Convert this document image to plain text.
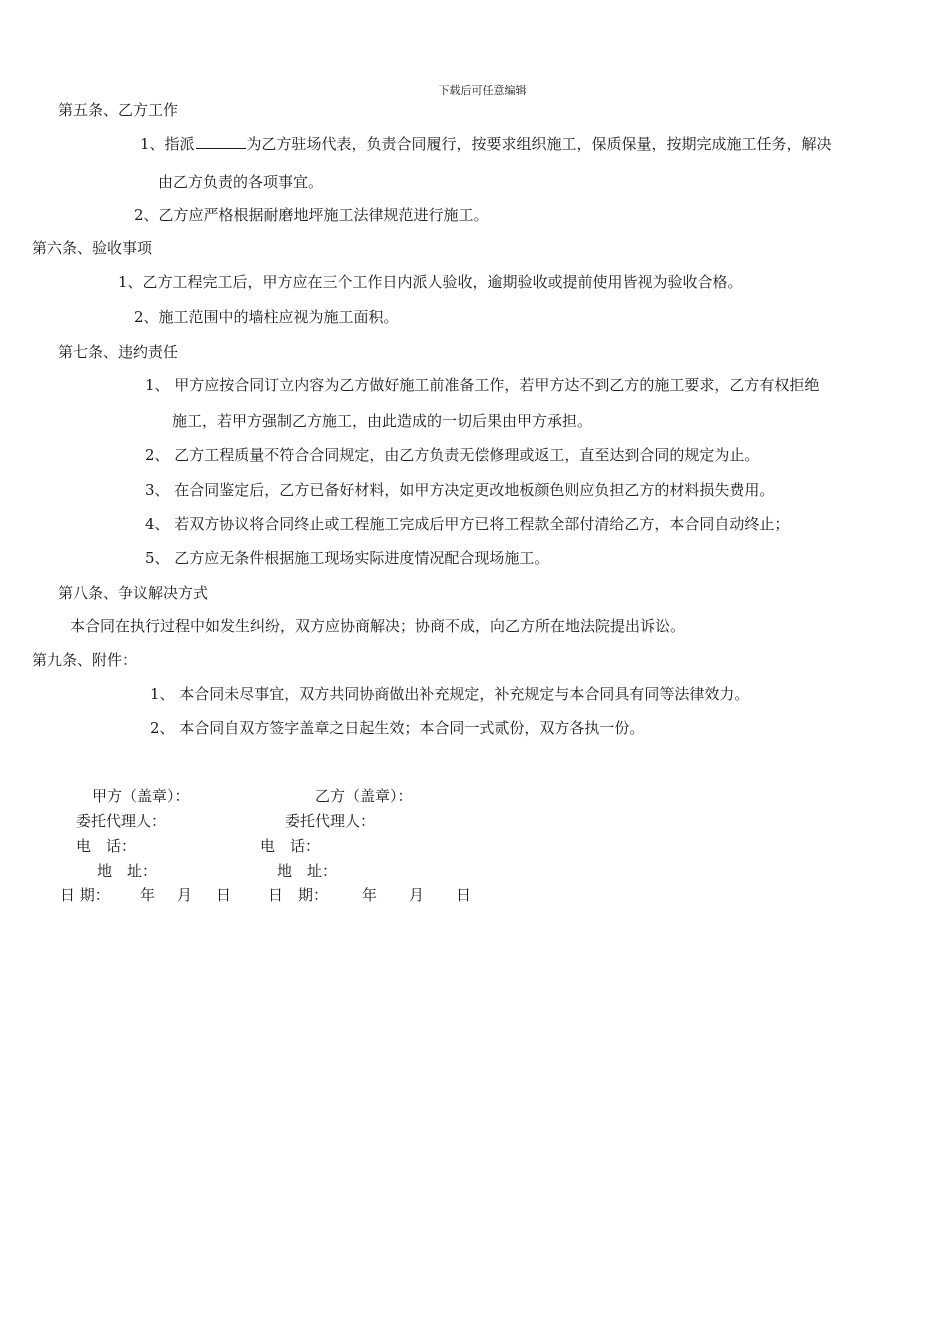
下载后可任意编辑
第五条、乙方工作
1、指派	为乙方驻场代表，负责合同履行，按要求组织施工，保质保量，按期完成施工任务，解决
由乙方负责的各项事宜。
2、乙方应严格根据耐磨地坪施工法律规范进行施工。
第六条、验收事项
1、乙方工程完工后，甲方应在三个工作日内派人验收，逾期验收或提前使用皆视为验收合格。
2、施工范围中的墙柱应视为施工面积。
第七条、违约责任
1、 甲方应按合同订立内容为乙方做好施工前准备工作，若甲方达不到乙方的施工要求，乙方有权拒绝
施工，若甲方强制乙方施工，由此造成的一切后果由甲方承担。
2、 乙方工程质量不符合合同规定，由乙方负责无偿修理或返工，直至达到合同的规定为止。
3、 在合同鉴定后，乙方已备好材料，如甲方决定更改地板颜色则应负担乙方的材料损失费用。
4、 若双方协议将合同终止或工程施工完成后甲方已将工程款全部付清给乙方，本合同自动终止；
5、 乙方应无条件根据施工现场实际进度情况配合现场施工。
第八条、争议解决方式
本合同在执行过程中如发生纠纷，双方应协商解决；协商不成，向乙方所在地法院提出诉讼。
第九条、附件：
1、 本合同未尽事宜，双方共同协商做出补充规定，补充规定与本合同具有同等法律效力。
2、 本合同自双方签字盖章之日起生效；本合同一式贰份，双方各执一份。
甲方（盖章）：	乙方（盖章）：
委托代理人：	委托代理人：
电　话：	电　话：
地　址：	地　址：
日 期： 年 月 日 日　期： 年 月 日
